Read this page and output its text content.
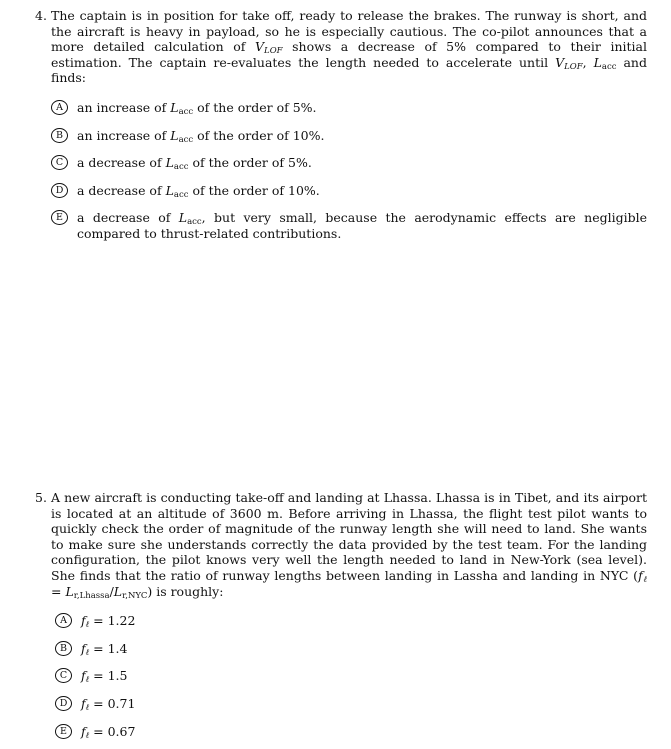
4. The captain is in position for take off, ready to release the brakes. The runway is short, and the aircraft is heavy in payload, so he is especially cautious. The co-pilot announces that a more detailed calculation of $V_{LOF}$ shows a decrease of 5% compared to their initial estimation. The captain re-evaluates the length needed to accelerate until $V_{LOF}$, $L_{acc}$ and finds:
A	an increase of $L_{acc}$ of the order of 5%.
B	an increase of $L_{acc}$ of the order of 10%.
C	a decrease of $L_{acc}$ of the order of 5%.
D	a decrease of $L_{acc}$ of the order of 10%.
E	a decrease of $L_{acc}$, but very small, because the aerodynamic effects are negligible compared to thrust-related contributions.
5. A new aircraft is conducting take-off and landing at Lhassa. Lhassa is in Tibet, and its airport is located at an altitude of 3600 m. Before arriving in Lhassa, the flight test pilot wants to quickly check the order of magnitude of the runway length she will need to land. She wants to make sure she understands correctly the data provided by the test team. For the landing configuration, the pilot knows very well the length needed to land in New-York (sea level). She finds that the ratio of runway lengths between landing in Lassha and landing in NYC $(f_\ell = L_{r,Lhassa}/L_{r,NYC})$ is roughly:
A	$f_\ell = 1.22$
B	$f_\ell = 1.4$
C	$f_\ell = 1.5$
D	$f_\ell = 0.71$
E	$f_\ell = 0.67$
